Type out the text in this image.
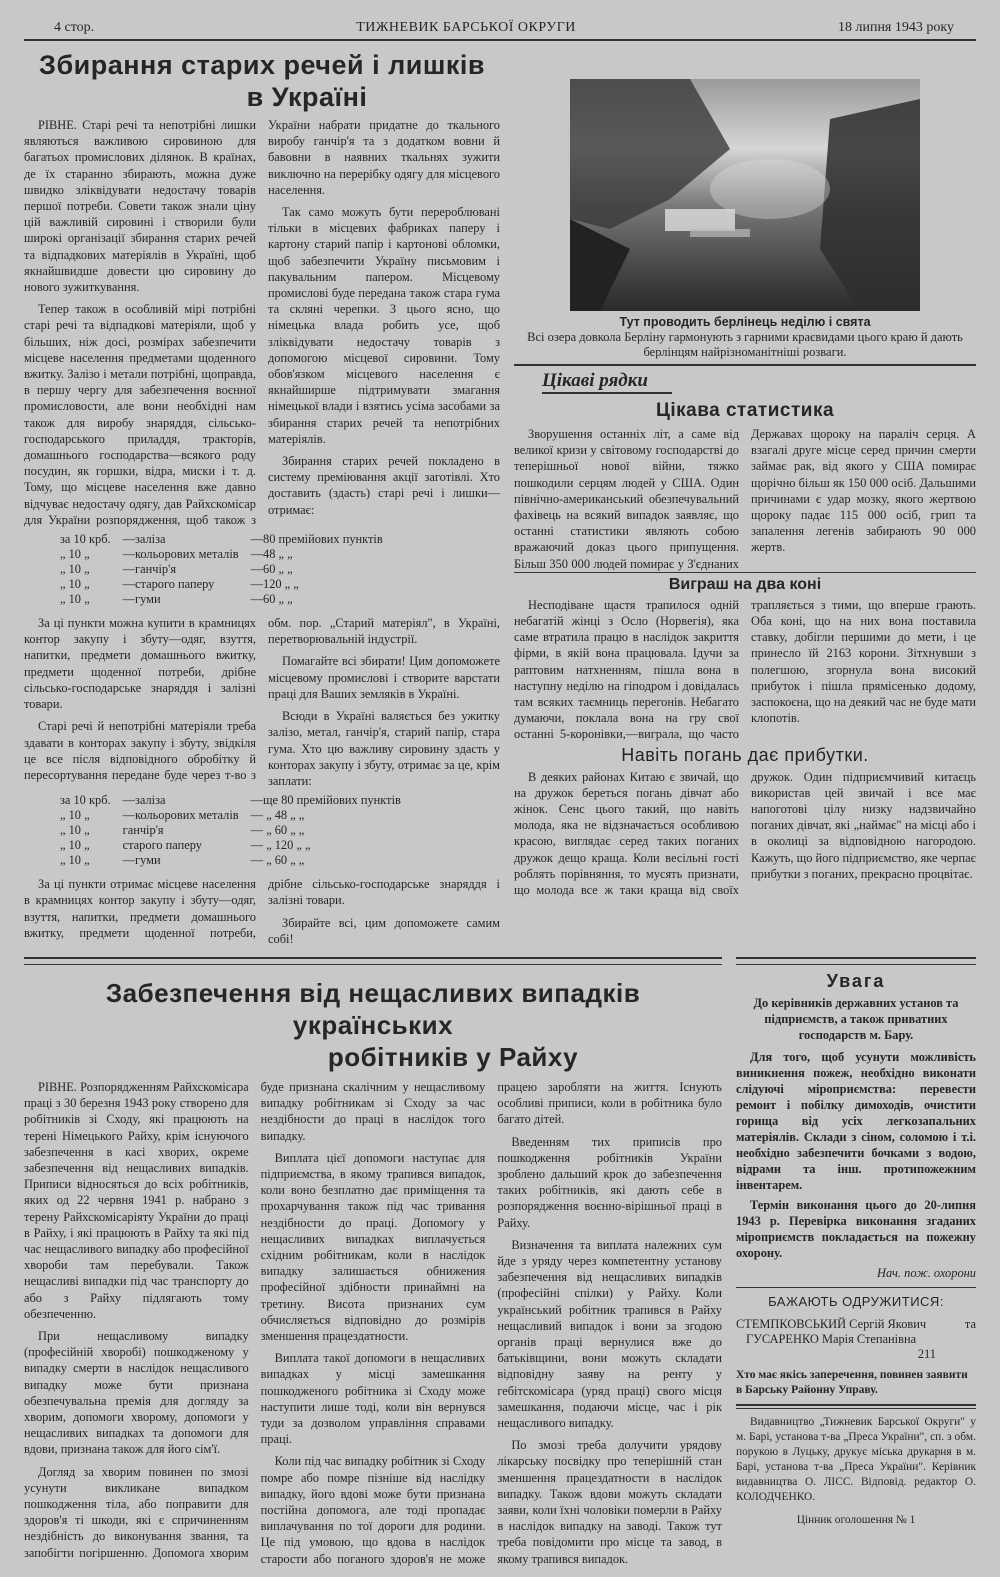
4 стор.	ТИЖНЕВИК БАРСЬКОЇ ОКРУГИ	18 липня 1943 року
Збирання старих речей і лишків
в Україні

РІВНЕ. Старі речі та непотрібні лишки являються важливою сировиною для багатьох промислових ділянок. В країнах, де їх старанно збирають, можна дуже швидко зліквідувати недостачу товарів першої потреби. Совети також знали ціну цій важливій сировині і створили були широкі організації збирання старих речей та відпадкових матеріялів в Україні, щоб якнайшвидше довести цю сировину до нового зужиткування.

Тепер також в особливій мірі потрібні старі речі та відпадкові матеріяли, щоб у більших, ніж досі, розмірах забезпечити місцеве населення предметами щоденного вжитку. Залізо і метали потрібні, щоправда, в першу чергу для забезпечення воєнної промисловости, але вони необхідні нам також для виробу знаряддя, сільсько-господарського приладдя, тракторів, домашнього господарства—всякого роду посудин, як горшки, відра, миски і т. д. Тому, що місцеве населення вже давно відчуває недостачу одягу, дав Райхскомісар для України розпорядження, щоб також з України набрати придатне до ткального виробу ганчір'я та з додатком вовни й бавовни в наявних ткальнях зужити виключно на перерібку одягу для місцевого населення.

Так само можуть бути перероблювані тільки в місцевих фабриках паперу і картону старий папір і картонові обломки, щоб забезпечити Україну письмовим і пакувальним папером. Місцевому промислові буде передана також стара гума та скляні черепки. З цього ясно, що німецька влада робить усе, щоб зліквідувати недостачу товарів з допомогою місцевої сировини. Тому обов'язком місцевого населення є якнайширше підтримувати змагання німецької влади і взятись усіма засобами за збирання старих речей та непотрібних матеріялів.

Збирання старих речей покладено в систему преміювання акції заготівлі. Хто доставить (здасть) старі речі і лишки—отримає:

за 10 крб.	—заліза	—80 премійових пунктів
„ 10 „	—кольорових металів	—48 „ „
„ 10 „	—ганчір'я	—60 „ „
„ 10 „	—старого паперу	—120 „ „
„ 10 „	—гуми	—60 „ „

За ці пункти можна купити в крамницях контор закупу і збуту—одяг, взуття, напитки, предмети домашнього вжитку, предмети щоденної потреби, дрібне сільсько-господарське знаряддя і залізні товари.

Старі речі й непотрібні матеріяли треба здавати в конторах закупу і збуту, звідкіля це все після відповідного обробітку й пересортування передане буде через т-во з обм. пор. „Старий матеріял", в Україні, перетворювальній індустрії.

Помагайте всі збирати! Цим допоможете місцевому промислові і створите варстати праці для Ваших земляків в Україні.

Всюди в Україні валяється без ужитку залізо, метал, ганчір'я, старий папір, стара гума. Хто цю важливу сировину здасть у конторах закупу і збуту, отримає за це, крім заплати:

за 10 крб.	—заліза	—ще 80 премійових пунктів
„ 10 „	—кольорових металів	— „ 48 „ „
„ 10 „	ганчір'я	— „ 60 „ „
„ 10 „	старого паперу	— „ 120 „ „
„ 10 „	—гуми	— „ 60 „ „

За ці пункти отримає місцеве населення в крамницях контор закупу і збуту—одяг, взуття, напитки, предмети домашнього вжитку, предмети щоденної потреби, дрібне сільсько-господарське знаряддя і залізні товари.

Збирайте всі, цим допоможете самим собі!

Тут проводить берлінець неділю і свята
Всі озера довкола Берліну гармонують з гарними краєвидами цього краю й дають берлінцям найрізноманітніші розваги.
Цікаві рядки
Цікава статистика

Зворушення останніх літ, а саме від великої кризи у світовому господарстві до теперішньої нової війни, тяжко пошкодили серцям людей у США. Один північно-американський обезпечувальний фахівець на всякий випадок заявляє, що останні статистики являють собою вражаючий доказ цього припущення. Більш 350 000 людей помирає у З'єднаних Державах щороку на параліч серця. А взагалі друге місце серед причин смерти займає рак, від якого у США помирає щорічно більш як 150 000 осіб. Дальшими причинами є удар мозку, якого жертвою щороку падає 115 000 осіб, грип та запалення легенів забирають 90 000 жертв.

Виграш на два коні

Несподіване щастя трапилося одній небагатій жінці з Осло (Норвегія), яка саме втратила працю в наслідок закриття фірми, в якій вона працювала. Ідучи за раптовим натхненням, пішла вона в наступну неділю на гіподром і довідалась там всяких таємниць перегонів. Небагато думаючи, поклала вона на гру свої останні 5-коронівки,—виграла, що часто трапляється з тими, що вперше грають. Оба коні, що на них вона поставила ставку, добігли першими до мети, і це принесло їй 2163 корони. Зітхнувши з полегшою, згорнула вона високий прибуток і пішла прямісенько додому, заспокоєна, що на деякий час не буде мати клопотів.

Навіть погань дає прибутки.

В деяких районах Китаю є звичай, що на дружок береться погань дівчат або жінок. Сенс цього такий, що навіть молода, яка не відзначається особливою красою, виглядає серед таких поганих дружок дещо краща. Коли весільні гості роблять порівняння, то мусять признати, що молода все ж таки краща від своїх дружок. Один підприємчивий китаєць використав цей звичай і все має напоготові цілу низку надзвичайно поганих дівчат, які „наймає" на місці або і в околиці за відповідною нагородою. Кажуть, що його підприємство, яке черпає прибутки з поганих, прекрасно процвітає.

Забезпечення від нещасливих випадків українських
робітників у Райху

РІВНЕ. Розпорядженням Райхскомісара праці з 30 березня 1943 року створено для робітників зі Сходу, які працюють на терені Німецького Райху, крім існуючого забезпечення в касі хворих, окреме забезпечення від нещасливих випадків. Приписи відносяться до всіх робітників, яких од 22 червня 1941 р. набрано з терену Райхскомісаріяту України до праці в Райху, і які працюють в Райху та які під час нещасливого випадку або професійної хвороби там перебували. Також нещасливі випадки під час транспорту до або з Райху підлягають тому обезпеченню.

При нещасливому випадку (професійній хворобі) пошкодженому у випадку смерти в наслідок нещасливого випадку може бути признана обезпечувальна премія для догляду за хворим, допомоги хворому, допомоги у нещасливих випадках та допомоги для вдови, признана також для його сім'ї.

Догляд за хворим повинен по змозі усунути викликане випадком пошкодження тіла, або поправити для здоров'я ті шкоди, які є спричиненням нездібність до виконування звання, та запобігти погіршенню. Допомога хворим буде признана скалічним у нещасливому випадку робітникам зі Сходу за час нездібности до праці в наслідок того випадку.

Виплата цієї допомоги наступає для підприємства, в якому трапився випадок, коли воно безплатно дає приміщення та прохарчування також під час тривання нездібности до праці. Допомогу у нещасливих випадках виплачується східним робітникам, коли в наслідок випадку залишається обнижения професійної здібности принаймні на третину. Висота признаних сум обчисляється відповідно до розмірів зменшення працездатности.

Виплата такої допомоги в нещасливих випадках у місці замешкання пошкодженого робітника зі Сходу може наступити лише тоді, коли він вернувся туди за дозволом управління справами праці.

Коли під час випадку робітник зі Сходу помре або помре пізніше від наслідку випадку, його вдові може бути признана постійна допомога, але тоді пропадає виплачування по тої дороги для родини. Це під умовою, що вдова в наслідок старости або поганого здоров'я не може працею заробляти на життя. Існують особливі приписи, коли в робітника було багато дітей.

Введенням тих приписів про пошкодження робітників України зроблено дальший крок до забезпечення таких робітників, які дають себе в розпорядження воєнно-вірішньої праці в Райху.

Визначення та виплата належних сум йде з уряду через компетентну установу забезпечення від нещасливих випадків (професійні спілки) у Райху. Коли український робітник трапився в Райху нещасливий випадок і вони за згодою органів праці вернулися вже до батьківщини, вони можуть складати відповідну заяву на ренту у гебітскомісара (уряд праці) свого місця замешкання, подаючи місце, час і рік нещасливого випадку.

По змозі треба долучити урядову лікарську посвідку про теперішній стан зменшення працездатности в наслідок випадку. Також вдови можуть складати заяви, коли їхні чоловіки померли в Райху в наслідок випадку на заводі. Також тут треба повідомити про місце та завод, в якому трапився випадок.

Увага
До керівників державних установ та підприємств, а також приватних господарств м. Бару.
Для того, щоб усунути можливість виникнення пожеж, необхідно виконати слідуючі міроприємства: перевести ремонт і побілку димоходів, очистити горища від усіх легкозапальних матеріялів. Склади з сіном, соломою і т.і. необхідно забезпечити бочками з водою, відрами та інш. протипожежним інвентарем.
Термін виконання цього до 20-липня 1943 р. Перевірка виконання згаданих міроприємств покладається на пожежну охорону.
Нач. пож. охорони
БАЖАЮТЬ ОДРУЖИТИСЯ:
СТЕМПКОВСЬКИЙ Сергій Якович	та
ГУСАРЕНКО Марія Степанівна
211
Хто має якісь заперечення, повинен заявити в Барську Районну Управу.
Видавництво „Тижневик Барської Округи" у м. Барі, установа т-ва „Преса України", сп. з обм. порукою в Луцьку, друкує міська друкарня в м. Барі, установа т-ва „Преса України". Керівник видавництва О. ЛІСС. Відповід. редактор О. КОЛОДЧЕНКО.
Цінник оголошення № 1
